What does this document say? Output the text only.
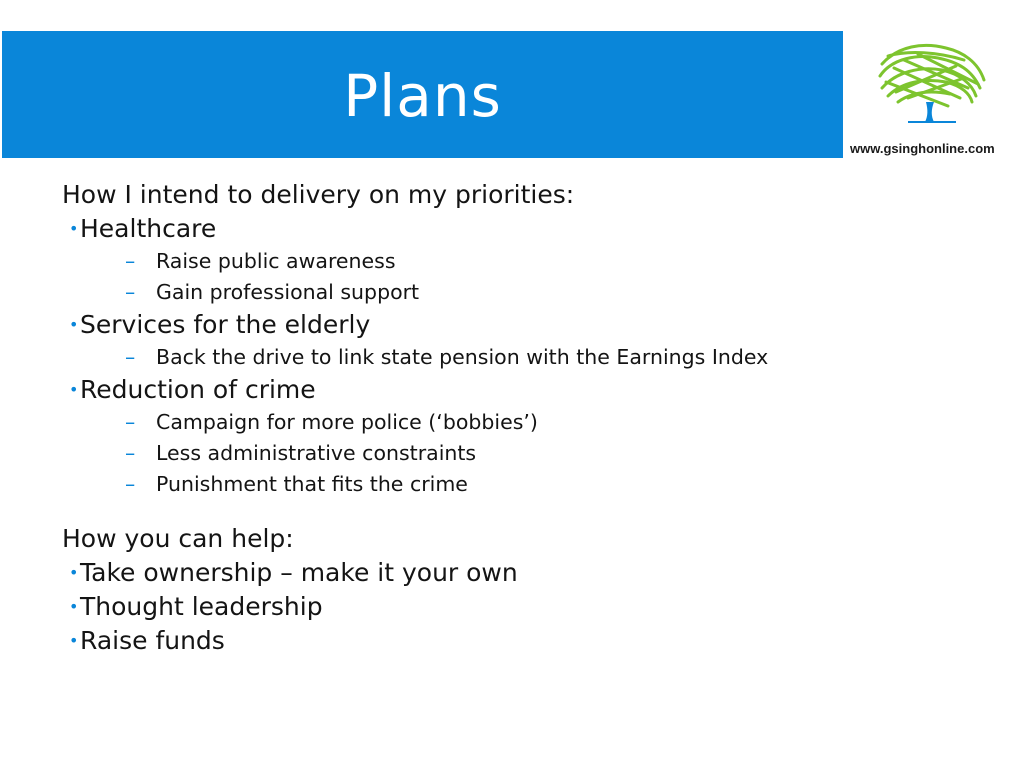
Plans
www.gsinghonline.com
How I intend to delivery on my priorities:
• Healthcare
– Raise public awareness
– Gain professional support
• Services for the elderly
– Back the drive to link state pension with the Earnings Index
• Reduction of crime
– Campaign for more police (‘bobbies’)
– Less administrative constraints
– Punishment that fits the crime
How you can help:
• Take ownership – make it your own
• Thought leadership
• Raise funds
